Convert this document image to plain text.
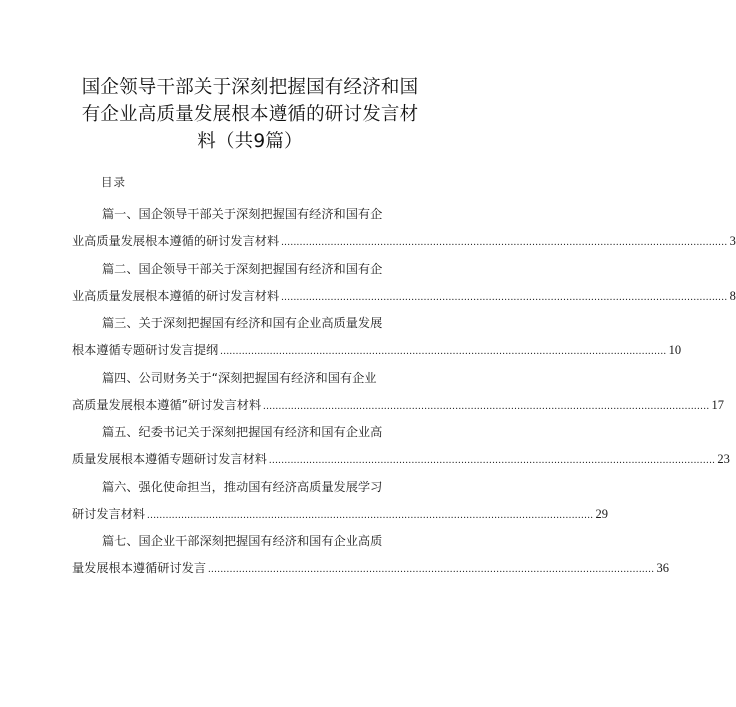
国企领导干部关于深刻把握国有经济和国
有企业高质量发展根本遵循的研讨发言材
料（共9篇）
目录
篇一、国企领导干部关于深刻把握国有经济和国有企
业高质量发展根本遵循的研讨发言材料 ................................................................................................................................................ 3
篇二、国企领导干部关于深刻把握国有经济和国有企
业高质量发展根本遵循的研讨发言材料 ................................................................................................................................................ 8
篇三、关于深刻把握国有经济和国有企业高质量发展
根本遵循专题研讨发言提纲 ................................................................................................................................................ 10
篇四、公司财务关于“深刻把握国有经济和国有企业
高质量发展根本遵循”研讨发言材料 ................................................................................................................................................ 17
篇五、纪委书记关于深刻把握国有经济和国有企业高
质量发展根本遵循专题研讨发言材料 ................................................................................................................................................ 23
篇六、强化使命担当，推动国有经济高质量发展学习
研讨发言材料 ................................................................................................................................................ 29
篇七、国企业干部深刻把握国有经济和国有企业高质
量发展根本遵循研讨发言 ................................................................................................................................................ 36
